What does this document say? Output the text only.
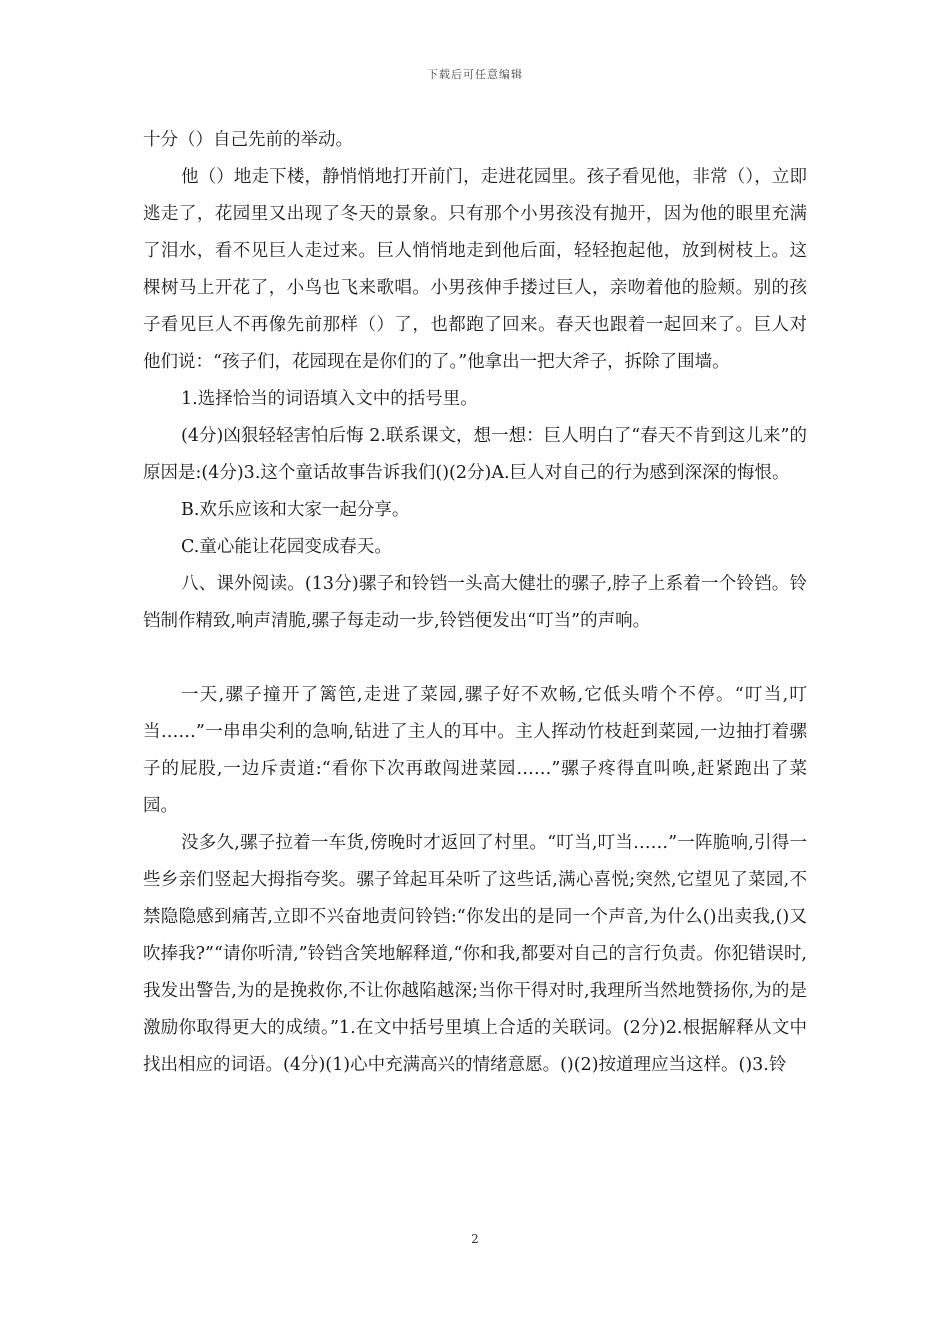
下载后可任意编辑

十分（）自己先前的举动。

他（）地走下楼，静悄悄地打开前门，走进花园里。孩子看见他，非常（），立即逃走了，花园里又出现了冬天的景象。只有那个小男孩没有抛开，因为他的眼里充满了泪水，看不见巨人走过来。巨人悄悄地走到他后面，轻轻抱起他，放到树枝上。这棵树马上开花了，小鸟也飞来歌唱。小男孩伸手搂过巨人，亲吻着他的脸颊。别的孩子看见巨人不再像先前那样（）了，也都跑了回来。春天也跟着一起回来了。巨人对他们说：“孩子们，花园现在是你们的了。”他拿出一把大斧子，拆除了围墙。

1.选择恰当的词语填入文中的括号里。

(4分)凶狠轻轻害怕后悔 2.联系课文，想一想：巨人明白了“春天不肯到这儿来”的原因是:(4分)3.这个童话故事告诉我们()(2分)A.巨人对自己的行为感到深深的悔恨。

B.欢乐应该和大家一起分享。

C.童心能让花园变成春天。

八、课外阅读。(13分)骡子和铃铛一头高大健壮的骡子,脖子上系着一个铃铛。铃铛制作精致,响声清脆,骡子每走动一步,铃铛便发出“叮当”的声响。

一天,骡子撞开了篱笆,走进了菜园,骡子好不欢畅,它低头啃个不停。“叮当,叮当……”一串串尖利的急响,钻进了主人的耳中。主人挥动竹枝赶到菜园,一边抽打着骡子的屁股,一边斥责道:“看你下次再敢闯进菜园……”骡子疼得直叫唤,赶紧跑出了菜园。

没多久,骡子拉着一车货,傍晚时才返回了村里。“叮当,叮当……”一阵脆响,引得一些乡亲们竖起大拇指夸奖。骡子耸起耳朵听了这些话,满心喜悦;突然,它望见了菜园,不禁隐隐感到痛苦,立即不兴奋地责问铃铛:“你发出的是同一个声音,为什么()出卖我,()又吹捧我?”“请你听清,”铃铛含笑地解释道,“你和我,都要对自己的言行负责。你犯错误时,我发出警告,为的是挽救你,不让你越陷越深;当你干得对时,我理所当然地赞扬你,为的是激励你取得更大的成绩。”1.在文中括号里填上合适的关联词。(2分)2.根据解释从文中找出相应的词语。(4分)(1)心中充满高兴的情绪意愿。()(2)按道理应当这样。()3.铃

2
